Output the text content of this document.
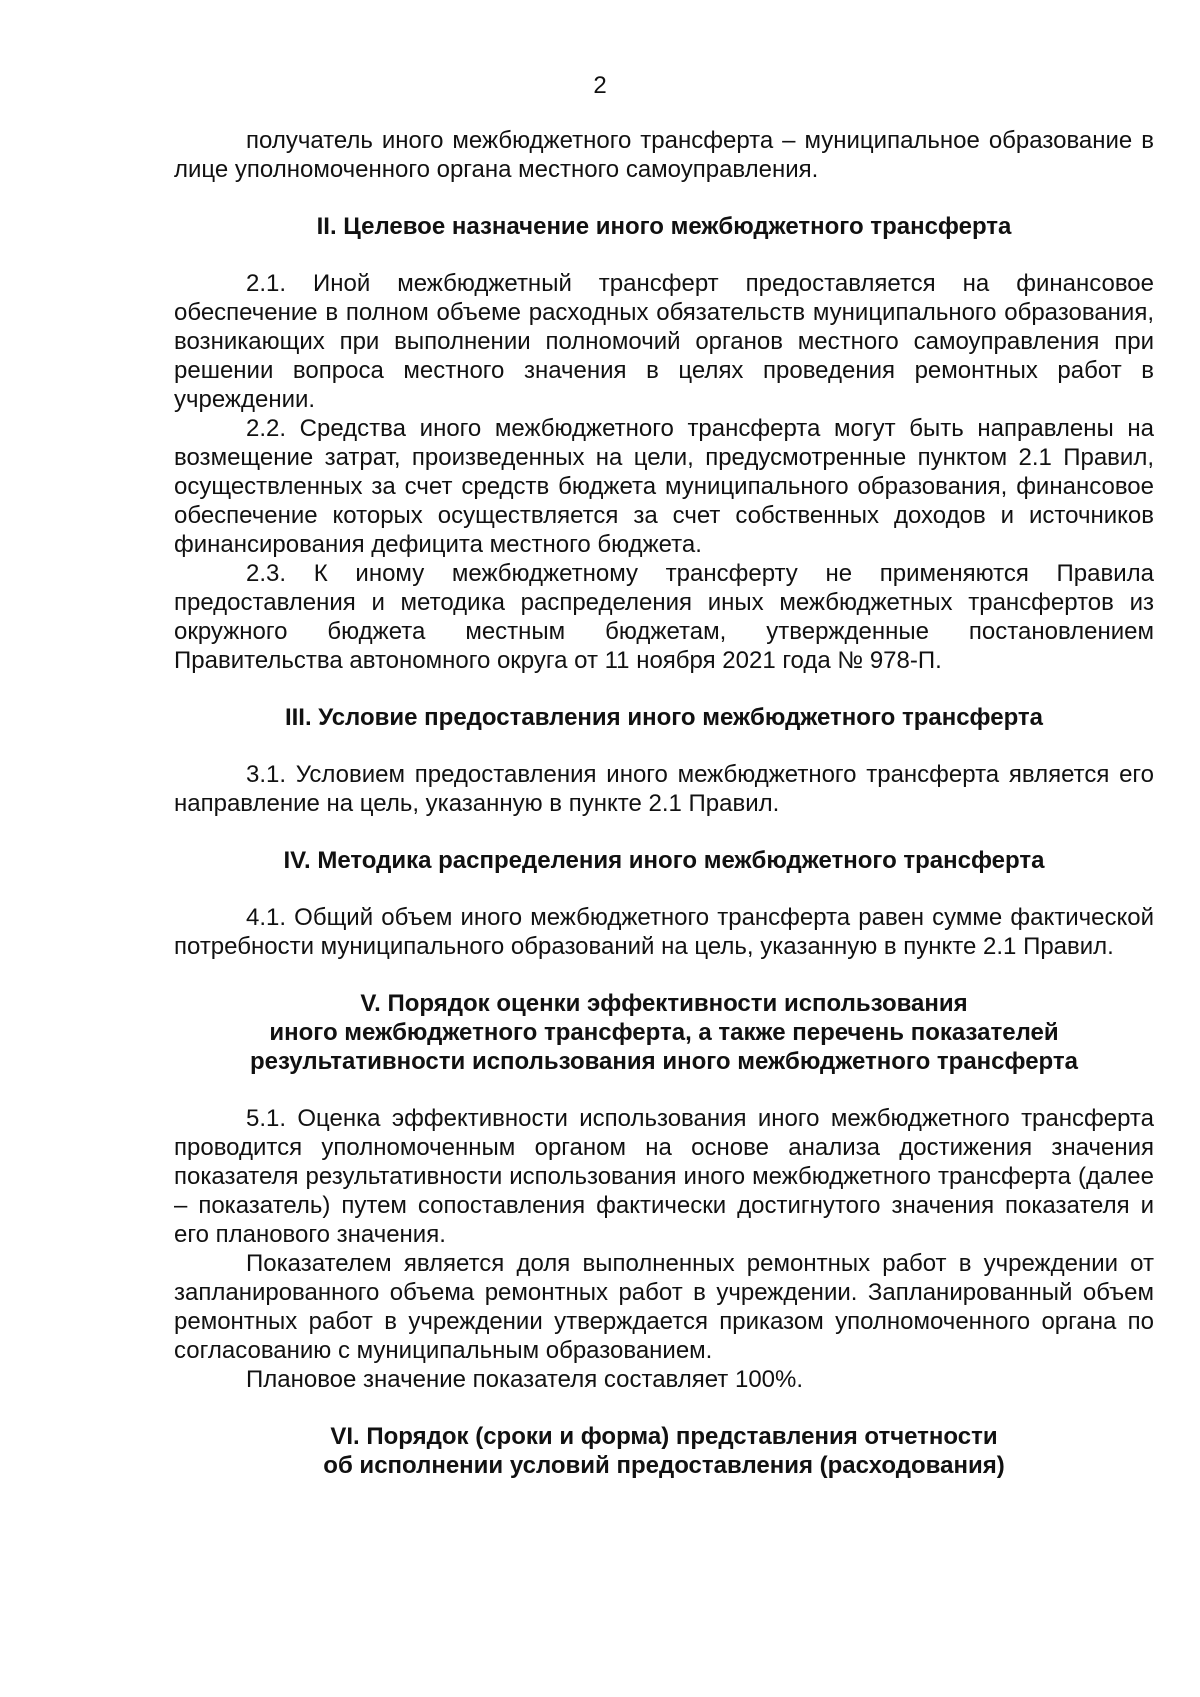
2

получатель иного межбюджетного трансферта – муниципальное образование в лице уполномоченного органа местного самоуправления.

II. Целевое назначение иного межбюджетного трансферта

2.1. Иной межбюджетный трансферт предоставляется на финансовое обеспечение в полном объеме расходных обязательств муниципального образования, возникающих при выполнении полномочий органов местного самоуправления при решении вопроса местного значения в целях проведения ремонтных работ в учреждении.

2.2. Средства иного межбюджетного трансферта могут быть направлены на возмещение затрат, произведенных на цели, предусмотренные пунктом 2.1 Правил, осуществленных за счет средств бюджета муниципального образования, финансовое обеспечение которых осуществляется за счет собственных доходов и источников финансирования дефицита местного бюджета.

2.3. К иному межбюджетному трансферту не применяются Правила предоставления и методика распределения иных межбюджетных трансфертов из окружного бюджета местным бюджетам, утвержденные постановлением Правительства автономного округа от 11 ноября 2021 года № 978-П.

III. Условие предоставления иного межбюджетного трансферта

3.1. Условием предоставления иного межбюджетного трансферта является его направление на цель, указанную в пункте 2.1 Правил.

IV. Методика распределения иного межбюджетного трансферта

4.1. Общий объем иного межбюджетного трансферта равен сумме фактической потребности муниципального образований на цель, указанную в пункте 2.1 Правил.

V. Порядок оценки эффективности использования
иного межбюджетного трансферта, а также перечень показателей
результативности использования иного межбюджетного трансферта

5.1. Оценка эффективности использования иного межбюджетного трансферта проводится уполномоченным органом на основе анализа достижения значения показателя результативности использования иного межбюджетного трансферта (далее – показатель) путем сопоставления фактически достигнутого значения показателя и его планового значения.

Показателем является доля выполненных ремонтных работ в учреждении от запланированного объема ремонтных работ в учреждении. Запланированный объем ремонтных работ в учреждении утверждается приказом уполномоченного органа по согласованию с муниципальным образованием.

Плановое значение показателя составляет 100%.

VI. Порядок (сроки и форма) представления отчетности
об исполнении условий предоставления (расходования)
